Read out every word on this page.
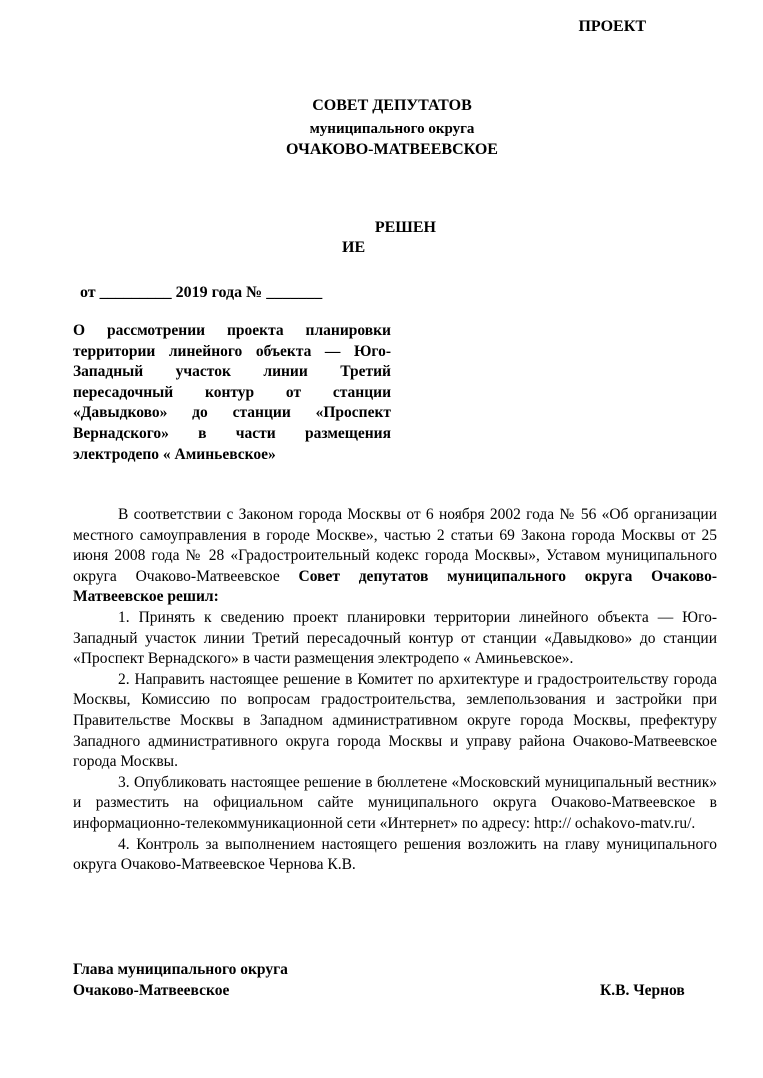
ПРОЕКТ
СОВЕТ ДЕПУТАТОВ
муниципального округа
ОЧАКОВО-МАТВЕЕВСКОЕ
РЕШЕН
ИЕ
от _________ 2019 года № _______
О рассмотрении проекта планировки территории линейного объекта — Юго-Западный участок линии Третий пересадочный контур от станции «Давыдково» до станции «Проспект Вернадского» в части размещения электродепо « Аминьевское»

В соответствии с Законом города Москвы от 6 ноября 2002 года № 56 «Об организации местного самоуправления в городе Москве», частью 2 статьи 69 Закона города Москвы от 25 июня 2008 года № 28 «Градостроительный кодекс города Москвы», Уставом муниципального округа Очаково-Матвеевское Совет депутатов муниципального округа Очаково-Матвеевское решил:

1. Принять к сведению проект планировки территории линейного объекта — Юго-Западный участок линии Третий пересадочный контур от станции «Давыдково» до станции «Проспект Вернадского» в части размещения электродепо « Аминьевское».

2. Направить настоящее решение в Комитет по архитектуре и градостроительству города Москвы, Комиссию по вопросам градостроительства, землепользования и застройки при Правительстве Москвы в Западном административном округе города Москвы, префектуру Западного административного округа города Москвы и управу района Очаково-Матвеевское города Москвы.

3. Опубликовать настоящее решение в бюллетене «Московский муниципальный вестник» и разместить на официальном сайте муниципального округа Очаково-Матвеевское в информационно-телекоммуникационной сети «Интернет» по адресу: http:// ochakovo-matv.ru/.

4. Контроль за выполнением настоящего решения возложить на главу муниципального округа Очаково-Матвеевское Чернова К.В.

Глава муниципального округа
Очаково-Матвеевское	К.В. Чернов
